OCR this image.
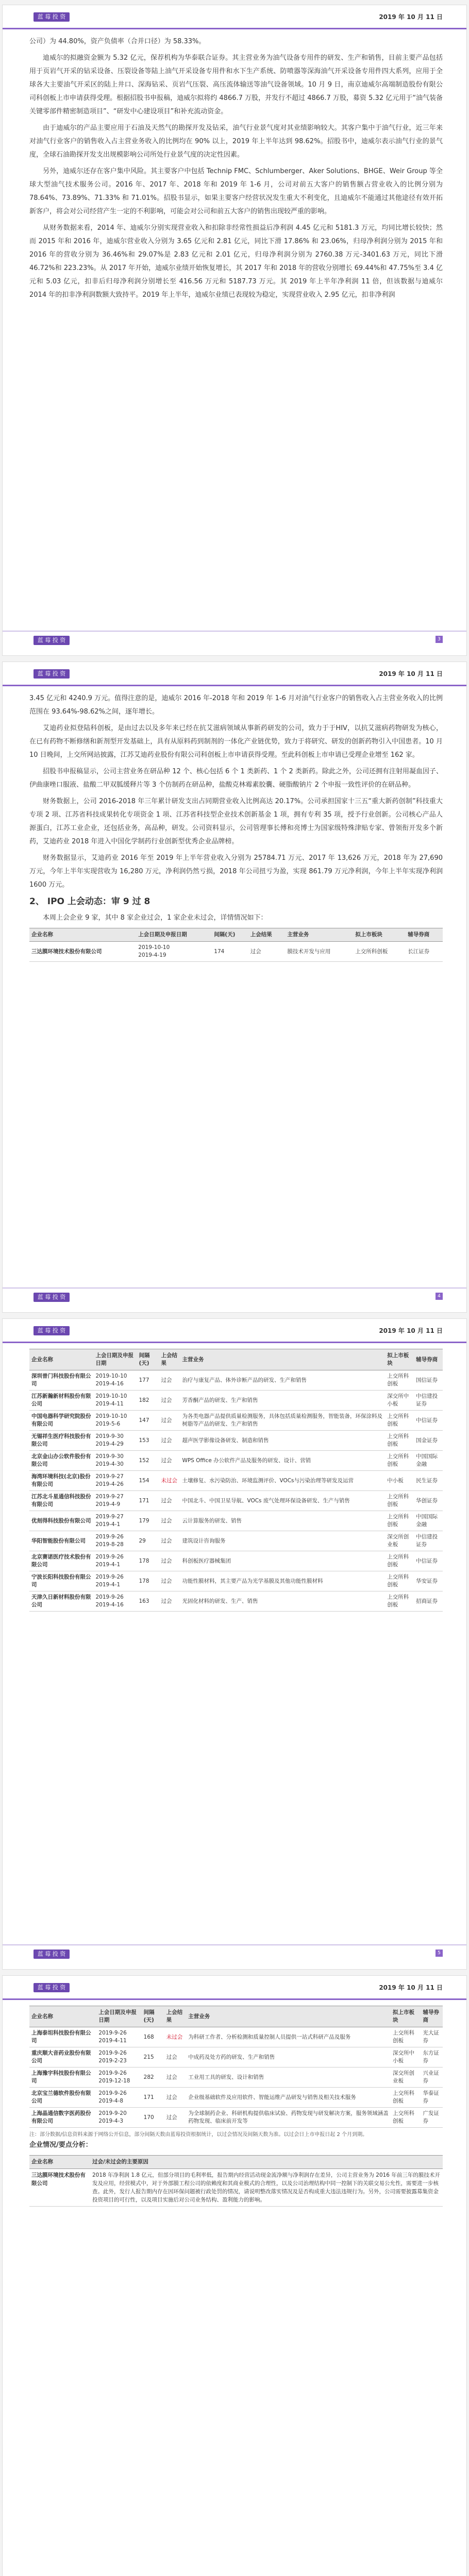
蓝 莓 投 资	2019 年 10 月 11 日

公司）为 44.80%，资产负债率（合并口径）为 58.33%。

迪威尔的拟融资金额为 5.32 亿元，保荐机构为华泰联合证券。其主营业务为油气设备专用件的研发、生产和销售，目前主要产品包括用于页岩气开采的钻采设备、压裂设备等陆上油气开采设备专用件和水下生产系统、防喷器等深海油气开采设备专用件四大系列，应用于全球各大主要油气开采区的陆上井口、深海钻采、页岩气压裂、高压流体输送等油气设备领域。10 月 9 日，南京迪威尔高端制造股份有限公司科创板上市申请获得受理。根据招股书申报稿，迪威尔拟将约 4866.7 万股，并发行不超过 4866.7 万股，募资 5.32 亿元用于“油气装备关键零部件精密制造项目”、“研发中心建设项目”和补充流动资金。

由于迪威尔的产品主要应用于石油及天然气的勘探开发及钻采，油气行业景气度对其业绩影响较大。其客户集中于油气行业，近三年来对油气行业客户的销售收入占主营业务收入的比例均在 90% 以上，2019 年上半年达到 98.62%。招股书中，迪威尔表示油气行业的景气度，全球石油勘探开发支出规模影响公司所处行业景气度的决定性因素。

另外，迪威尔还存在客户集中风险。其主要客户中包括 Technip FMC、Schlumberger、Aker Solutions、BHGE、Weir Group 等全球大型油气技术服务公司。2016 年、2017 年、2018 年和 2019 年 1-6 月，公司对前五大客户的销售额占营业收入的比例分别为 78.64%、73.89%、71.33% 和 71.01%。招股书显示，如果主要客户经营状况发生重大不利变化，且迪威尔不能通过其他途径有效开拓新客户，将会对公司经营产生一定的不利影响，可能会对公司和前五大客户的销售出现较严重的影响。

从财务数据来看，2014 年、迪威尔分别实现营业收入和扣除非经常性损益后净利润 4.45 亿元和 5181.3 万元，均同比增长较快；然而 2015 年和 2016 年，迪威尔营业收入分别为 3.65 亿元和 2.81 亿元，同比下滑 17.86% 和 23.06%，归母净利润分别为 2015 年和 2016 年的营收分别为 36.46%和 29.07%是 2.83 亿元和 2.01 亿元，归母净利润分别为 2760.38 万元-3401.63 万元，同比下滑 46.72%和 223.23%。从 2017 年开始，迪威尔业绩开始恢复增长，其 2017 年和 2018 年的营收分别增长 69.44%和 47.75%至 3.4 亿元和 5.03 亿元，扣非后归母净利润分别增长至 416.56 万元和 5187.73 万元。其 2019 年上半年净利润 11 倍，但该数据与迪威尔 2014 年的扣非净利润数额大致持平。2019 年上半年，迪威尔业绩已表现较为稳定，实现营业收入 2.95 亿元，扣非净利润

蓝 莓 投 资	3
蓝 莓 投 资	2019 年 10 月 11 日

3.45 亿元和 4240.9 万元。值得注意的是，迪威尔 2016 年-2018 年和 2019 年 1-6 月对油气行业客户的销售收入占主营业务收入的比例范围在 93.64%-98.62%之间，逐年增长。

艾迪药业拟登陆科创板，是由过去以及多年来已经在抗艾滋病领域从事新药研发的公司，致力于于HIV，以抗艾滋病药物研发为核心，在已有药物不断修缮和新剂型开发基础上，具有从原料药到制剂的一体化产业链优势，致力于将研究、研发的创新药物引入中国患者。10 月 10 日晚间，上交所网站披露，江苏艾迪药业股份有限公司科创板上市申请获得受理。至此科创板上市申请已受理企业增至 162 家。

招股书申报稿显示，公司主营业务在研品种 12 个、核心包括 6 个 1 类新药、1 个 2 类新药。除此之外，公司还拥有注射用凝血因子、伊曲康唑口服液、盐酸二甲双胍缓释片等 3 个仿制药在研品种，盐酸克林霉素胶囊、硬脂酸钠片 2 个申报一致性评价的在研品种。

财务数据上，公司 2016-2018 年三年累计研发支出占同期营业收入比例高达 20.17%。公司承担国家十三五“重大新药创制”科技重大专项 2 项、江苏省科技成果转化专项资金 1 项、江苏省科技型企业技术创新基金 1 项，拥有专利 35 项，授予行业创新。公司核心产品人源蛋白，江苏工业企业，还包括业务，高品种，研发。公司资料显示，公司管理事长傅和亮博士为国家级特殊津贴专家、曾领衔开发多个新药，艾迪药业 2018 年进入中国化学制药行业创新型优秀企业品牌榜。

财务数据显示，艾迪药业 2016 年至 2019 年上半年营业收入分别为 25784.71 万元、2017 年 13,626 万元，2018 年为 27,690 万元，今年上半年实现营收为 16,280 万元，净利润仍然亏损，2018 年公司扭亏为盈，实现 861.79 万元净利润，今年上半年实现净利润 1600 万元。

2、 IPO 上会动态：审 9 过 8

本周上会企业 9 家，其中 8 家企业过会，1 家企业未过会，详情情况如下：

企业名称	上会日期及申报日期	间隔(天)	上会结果	主营业务	拟上市板块	辅导券商
三达膜环境技术股份有限公司	2019-10-10
2019-4-19	174	过会	膜技术开发与应用	上交所科创板	长江证券
蓝 莓 投 资	4
蓝 莓 投 资	2019 年 10 月 11 日
企业名称	上会日期及申报日期	间隔(天)	上会结果	主营业务	拟上市板块	辅导券商
深圳普门科技股份有限公司	2019-10-10
2019-4-16	177	过会	治疗与康复产品、体外诊断产品的研发、生产和销售	上交所科创板	国信证券
江苏新瀚新材料股份有限公司	2019-10-10
2019-4-11	182	过会	芳香酮产品的研发、生产和销售	深交所中小板	中信建投证券
中国电器科学研究院股份有限公司	2019-10-10
2019-5-6	147	过会	为各类电器产品提供质量检测服务，具体包括质量检测服务，智能装备，环保涂料及树脂等产品的研发、生产和销售	上交所科创板	中信证券
无锡祥生医疗科技股份有限公司	2019-9-30
2019-4-29	153	过会	超声医学影像设备研发、制造和销售	上交所科创板	国金证券
北京金山办公软件股份有限公司	2019-9-30
2019-4-30	152	过会	WPS Office 办公软件产品及服务的研发、设计、营销	上交所科创板	中国国际金融
海湾环境科技(北京)股份有限公司	2019-9-27
2019-4-26	154	未过会	土壤修复、水污染防治、环境监测评价、VOCs与污染治理等研发及运营	中小板	民生证券
江苏北斗星通信科技股份有限公司	2019-9-27
2019-4-9	171	过会	中国北斗、中国卫星导航、VOCs 废气处理环保设备研发、生产与销售	上交所科创板	华创证券
优刻得科技股份有限公司	2019-9-27
2019-4-1	179	过会	云计算服务的研发、销售	上交所科创板	中国国际金融
华阳智能股份有限公司	2019-9-26
2019-8-28	29	过会	建筑设计咨询服务	深交所创业板	中信建投证券
北京赛诺医疗技术股份有限公司	2019-9-26
2019-4-1	178	过会	科创板医疗器械集团	上交所科创板	中信证券
宁波长阳科技股份有限公司	2019-9-26
2019-4-1	178	过会	功能性膜材料，其主要产品为光学基膜及其他功能性膜材料	上交所科创板	华安证券
天津久日新材料股份有限公司	2019-9-26
2019-4-16	163	过会	光固化材料的研发、生产、销售	上交所科创板	招商证券
蓝 莓 投 资	5
蓝 莓 投 资	2019 年 10 月 11 日
企业名称	上会日期及申报日期	间隔(天)	上会结果	主营业务	拟上市板块	辅导券商
上海泰坦科技股份有限公司	2019-9-26
2019-4-11	168	未过会	为科研工作者、分析检测和质量控制人员提供一站式科研产品及服务	上交所科创板	光大证券
重庆顺大音药业股份有限公司	2019-9-26
2019-2-23	215	过会	中成药及处方药的研发、生产和销售	深交所中小板	东方证券
上海豫宇科技股份有限公司	2019-9-26
2019-12-18	282	过会	工业用工具的研发、设计和销售	深交所创业板	兴业证券
北京宝兰德软件股份有限公司	2019-9-26
2019-4-8	171	过会	企业级基础软件及应用软件、智能运维产品研发与销售及相关技术服务	上交所科创板	华泰证券
上海晶通信数字医药股份有限公司	2019-9-20
2019-4-3	170	过会	为全球制药企业、科研机构提供临床试验、药物发现与研发解决方案，服务领域涵盖药物发现、临床前开发等	上交所科创板	广发证券
注：部分数据/信息资料来源于网络公开信息，部分间隔天数由蓝莓投资根据统计，以过会情况及间隔天数为准。以过会日上市申报日起 2 个月到期。

企业情况/要点分析：

企业名称	过会/未过会的主要原因
三达膜环境技术股份有限公司	2018 年净利润 1.8 亿元，但部分项目的毛利率低，报告期内经营活动现金流净额与净利润存在差异，公司主营业务为 2016 年前三年的膜技术开发及应用，经营模式中，对于外部膜工程公司的依赖度和其商业模式的合理性，以及公司治理结构中同一控制下的关联交易公允性，需要进一步核查。此外，发行人报告期内存在因环保问题被行政处罚的情况，请说明整改落实情况及是否构成重大违法违规行为。另外，公司需要披露募集资金投资项目的可行性，以及项目实施后对公司业务结构、盈利能力的影响。
